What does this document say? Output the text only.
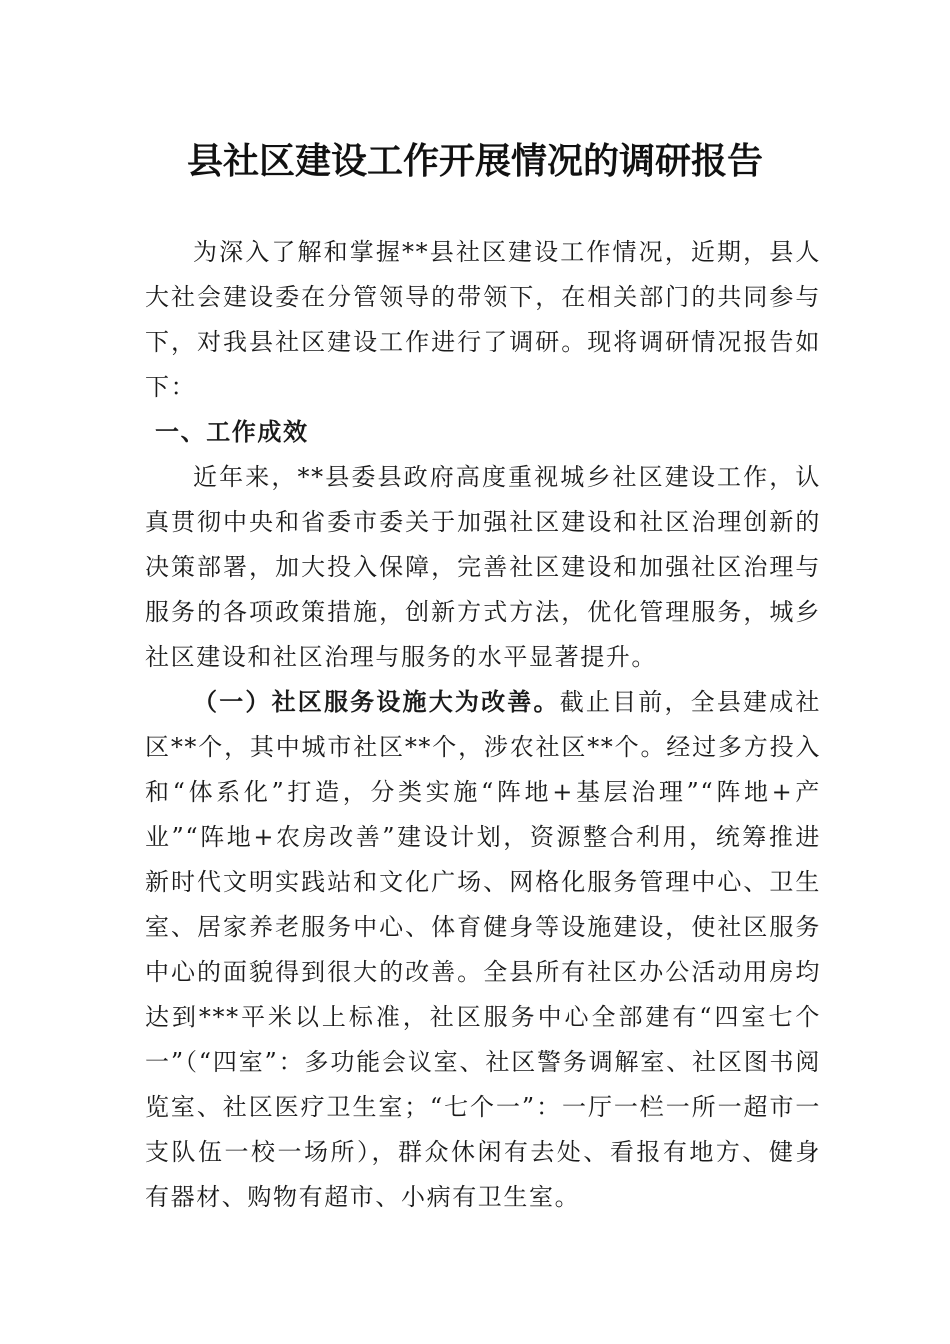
县社区建设工作开展情况的调研报告

为深入了解和掌握**县社区建设工作情况，近期，县人大社会建设委在分管领导的带领下，在相关部门的共同参与下，对我县社区建设工作进行了调研。现将调研情况报告如下：

一、工作成效

近年来，**县委县政府高度重视城乡社区建设工作，认真贯彻中央和省委市委关于加强社区建设和社区治理创新的决策部署，加大投入保障，完善社区建设和加强社区治理与服务的各项政策措施，创新方式方法，优化管理服务，城乡社区建设和社区治理与服务的水平显著提升。

（一）社区服务设施大为改善。截止目前，全县建成社区**个，其中城市社区**个，涉农社区**个。经过多方投入和“体系化”打造，分类实施“阵地+基层治理”“阵地+产业”“阵地+农房改善”建设计划，资源整合利用，统筹推进新时代文明实践站和文化广场、网格化服务管理中心、卫生室、居家养老服务中心、体育健身等设施建设，使社区服务中心的面貌得到很大的改善。全县所有社区办公活动用房均达到***平米以上标准，社区服务中心全部建有“四室七个一”（“四室”：多功能会议室、社区警务调解室、社区图书阅览室、社区医疗卫生室；“七个一”：一厅一栏一所一超市一支队伍一校一场所），群众休闲有去处、看报有地方、健身有器材、购物有超市、小病有卫生室。
